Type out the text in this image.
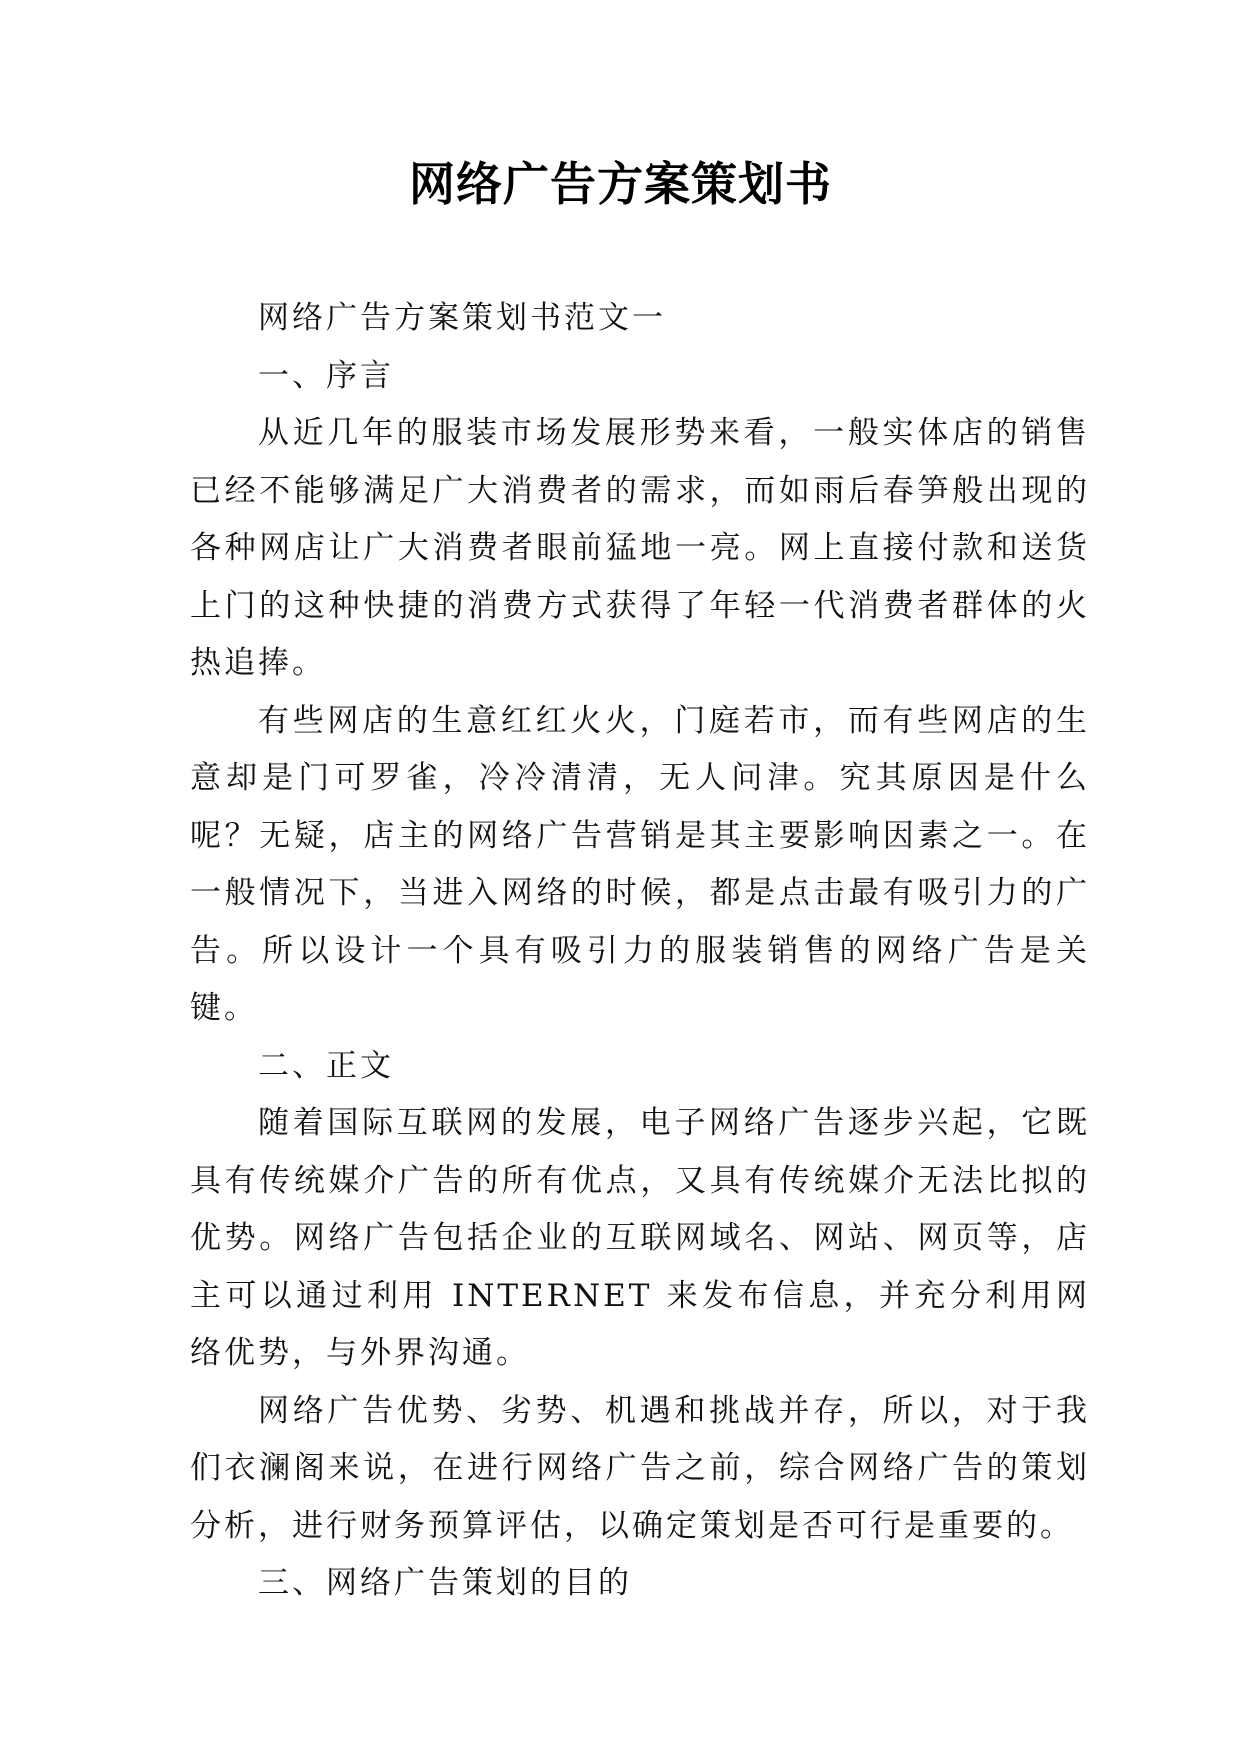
网络广告方案策划书

网络广告方案策划书范文一

一、序言

从近几年的服装市场发展形势来看，一般实体店的销售已经不能够满足广大消费者的需求，而如雨后春笋般出现的各种网店让广大消费者眼前猛地一亮。网上直接付款和送货上门的这种快捷的消费方式获得了年轻一代消费者群体的火热追捧。

有些网店的生意红红火火，门庭若市，而有些网店的生意却是门可罗雀，冷冷清清，无人问津。究其原因是什么呢？无疑，店主的网络广告营销是其主要影响因素之一。在一般情况下，当进入网络的时候，都是点击最有吸引力的广告。所以设计一个具有吸引力的服装销售的网络广告是关键。

二、正文

随着国际互联网的发展，电子网络广告逐步兴起，它既具有传统媒介广告的所有优点，又具有传统媒介无法比拟的优势。网络广告包括企业的互联网域名、网站、网页等，店主可以通过利用 INTERNET 来发布信息，并充分利用网络优势，与外界沟通。

网络广告优势、劣势、机遇和挑战并存，所以，对于我们衣澜阁来说，在进行网络广告之前，综合网络广告的策划分析，进行财务预算评估，以确定策划是否可行是重要的。

三、网络广告策划的目的
